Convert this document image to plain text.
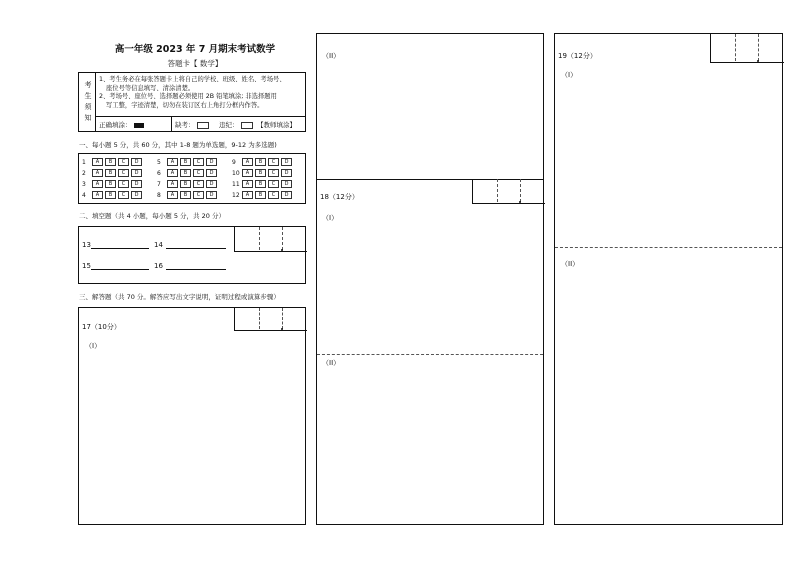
高一年级 2023 年 7 月期末考试数学
答题卡【 数学】
考
生
须
知
1、考生务必在每张答题卡上将自己的学校、班级、姓名、考场号、
座位号等信息填写、清涂清楚。
2、考场号、座位号、选择题必须使用 2B 铅笔填涂; 非选择题用
写工整，字迹清楚，切勿在装订区右上角打分框内作答。
正确填涂：	缺考：	违纪：	【教师填涂】
一、每小题 5 分，共 60 分，其中 1-8 题为单选题，9-12 为多选题)
1	A	B	C	D
2	A	B	C	D
3	A	B	C	D
4	A	B	C	D
5	A	B	C	D
6	A	B	C	D
7	A	B	C	D
8	A	B	C	D
9	A	B	C	D
10	A	B	C	D
11	A	B	C	D
12	A	B	C	D
二、填空题（共 4 小题，每小题 5 分，共 20 分）
13	14
15	16
三、解答题（共 70 分。解答应写出文字说明，证明过程或演算步骤）
17（10分）
（I）
（II）
18（12分）
（I）
（II）
19（12分）
（I）
（II）
